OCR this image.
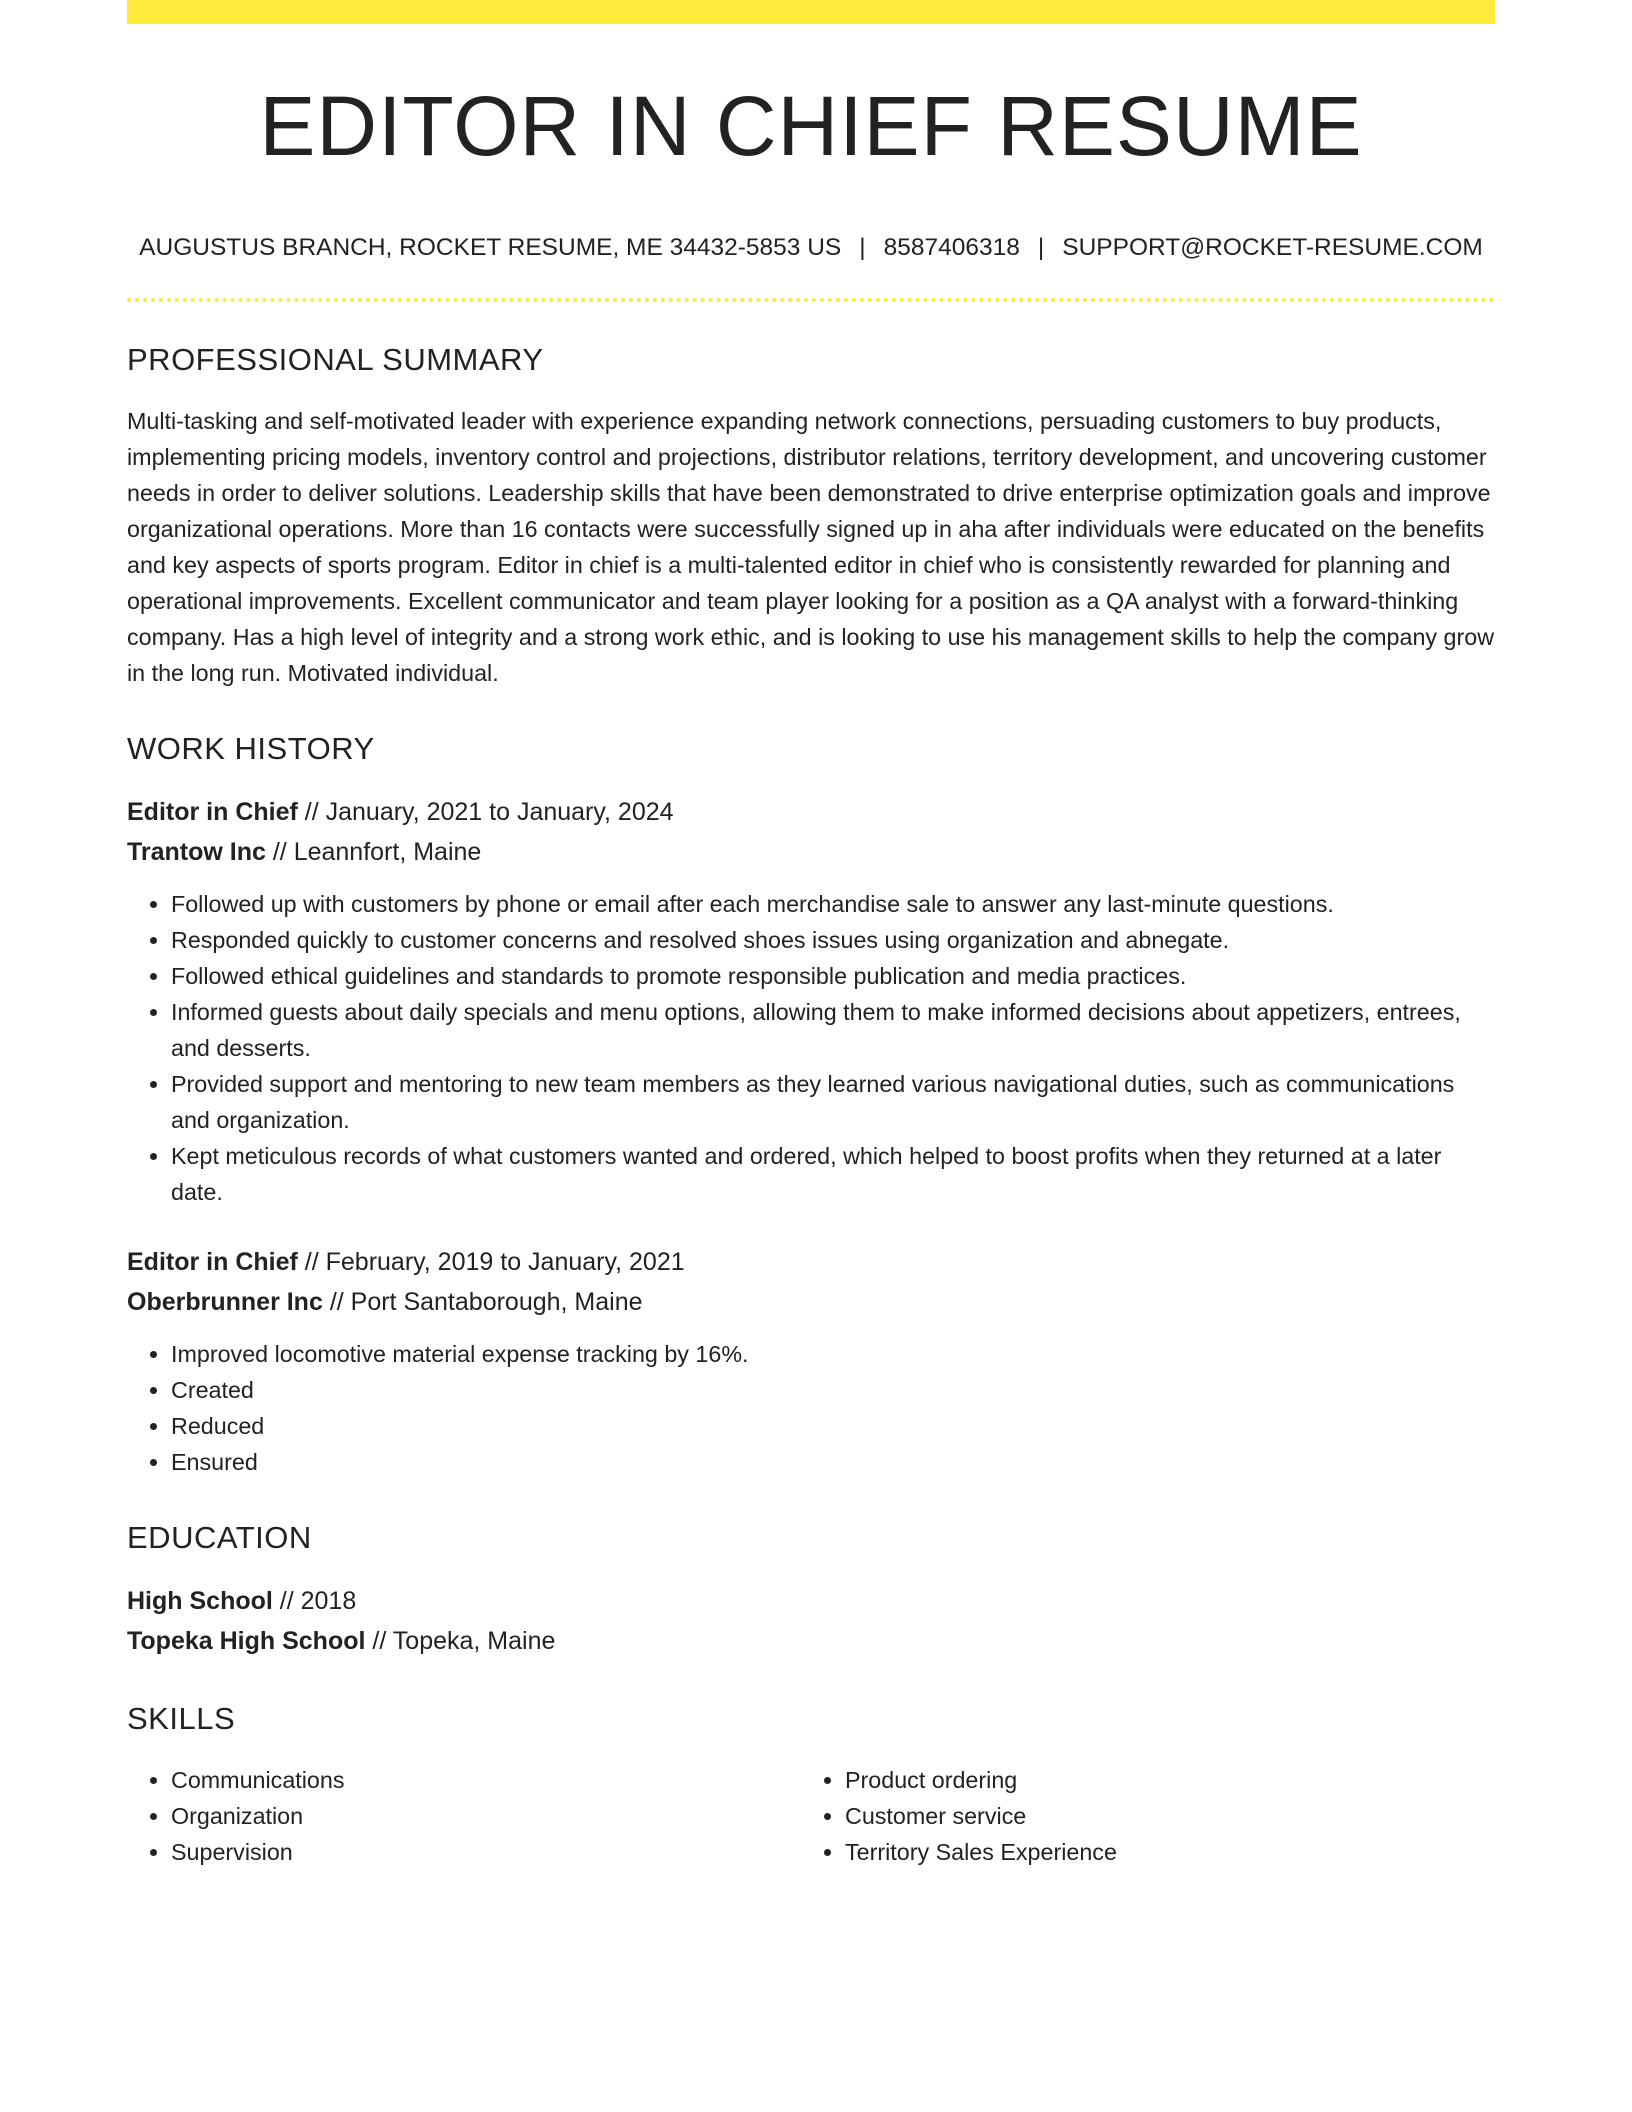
EDITOR IN CHIEF RESUME
AUGUSTUS BRANCH, ROCKET RESUME, ME 34432-5853 US | 8587406318 | SUPPORT@ROCKET-RESUME.COM
PROFESSIONAL SUMMARY
Multi-tasking and self-motivated leader with experience expanding network connections, persuading customers to buy products, implementing pricing models, inventory control and projections, distributor relations, territory development, and uncovering customer needs in order to deliver solutions. Leadership skills that have been demonstrated to drive enterprise optimization goals and improve organizational operations. More than 16 contacts were successfully signed up in aha after individuals were educated on the benefits and key aspects of sports program. Editor in chief is a multi-talented editor in chief who is consistently rewarded for planning and operational improvements. Excellent communicator and team player looking for a position as a QA analyst with a forward-thinking company. Has a high level of integrity and a strong work ethic, and is looking to use his management skills to help the company grow in the long run. Motivated individual.
WORK HISTORY
Editor in Chief // January, 2021 to January, 2024
Trantow Inc // Leannfort, Maine
• Followed up with customers by phone or email after each merchandise sale to answer any last-minute questions.
• Responded quickly to customer concerns and resolved shoes issues using organization and abnegate.
• Followed ethical guidelines and standards to promote responsible publication and media practices.
• Informed guests about daily specials and menu options, allowing them to make informed decisions about appetizers, entrees, and desserts.
• Provided support and mentoring to new team members as they learned various navigational duties, such as communications and organization.
• Kept meticulous records of what customers wanted and ordered, which helped to boost profits when they returned at a later date.
Editor in Chief // February, 2019 to January, 2021
Oberbrunner Inc // Port Santaborough, Maine
• Improved locomotive material expense tracking by 16%.
• Created
• Reduced
• Ensured
EDUCATION
High School // 2018
Topeka High School // Topeka, Maine
SKILLS
• Communications
• Organization
• Supervision
• Product ordering
• Customer service
• Territory Sales Experience
